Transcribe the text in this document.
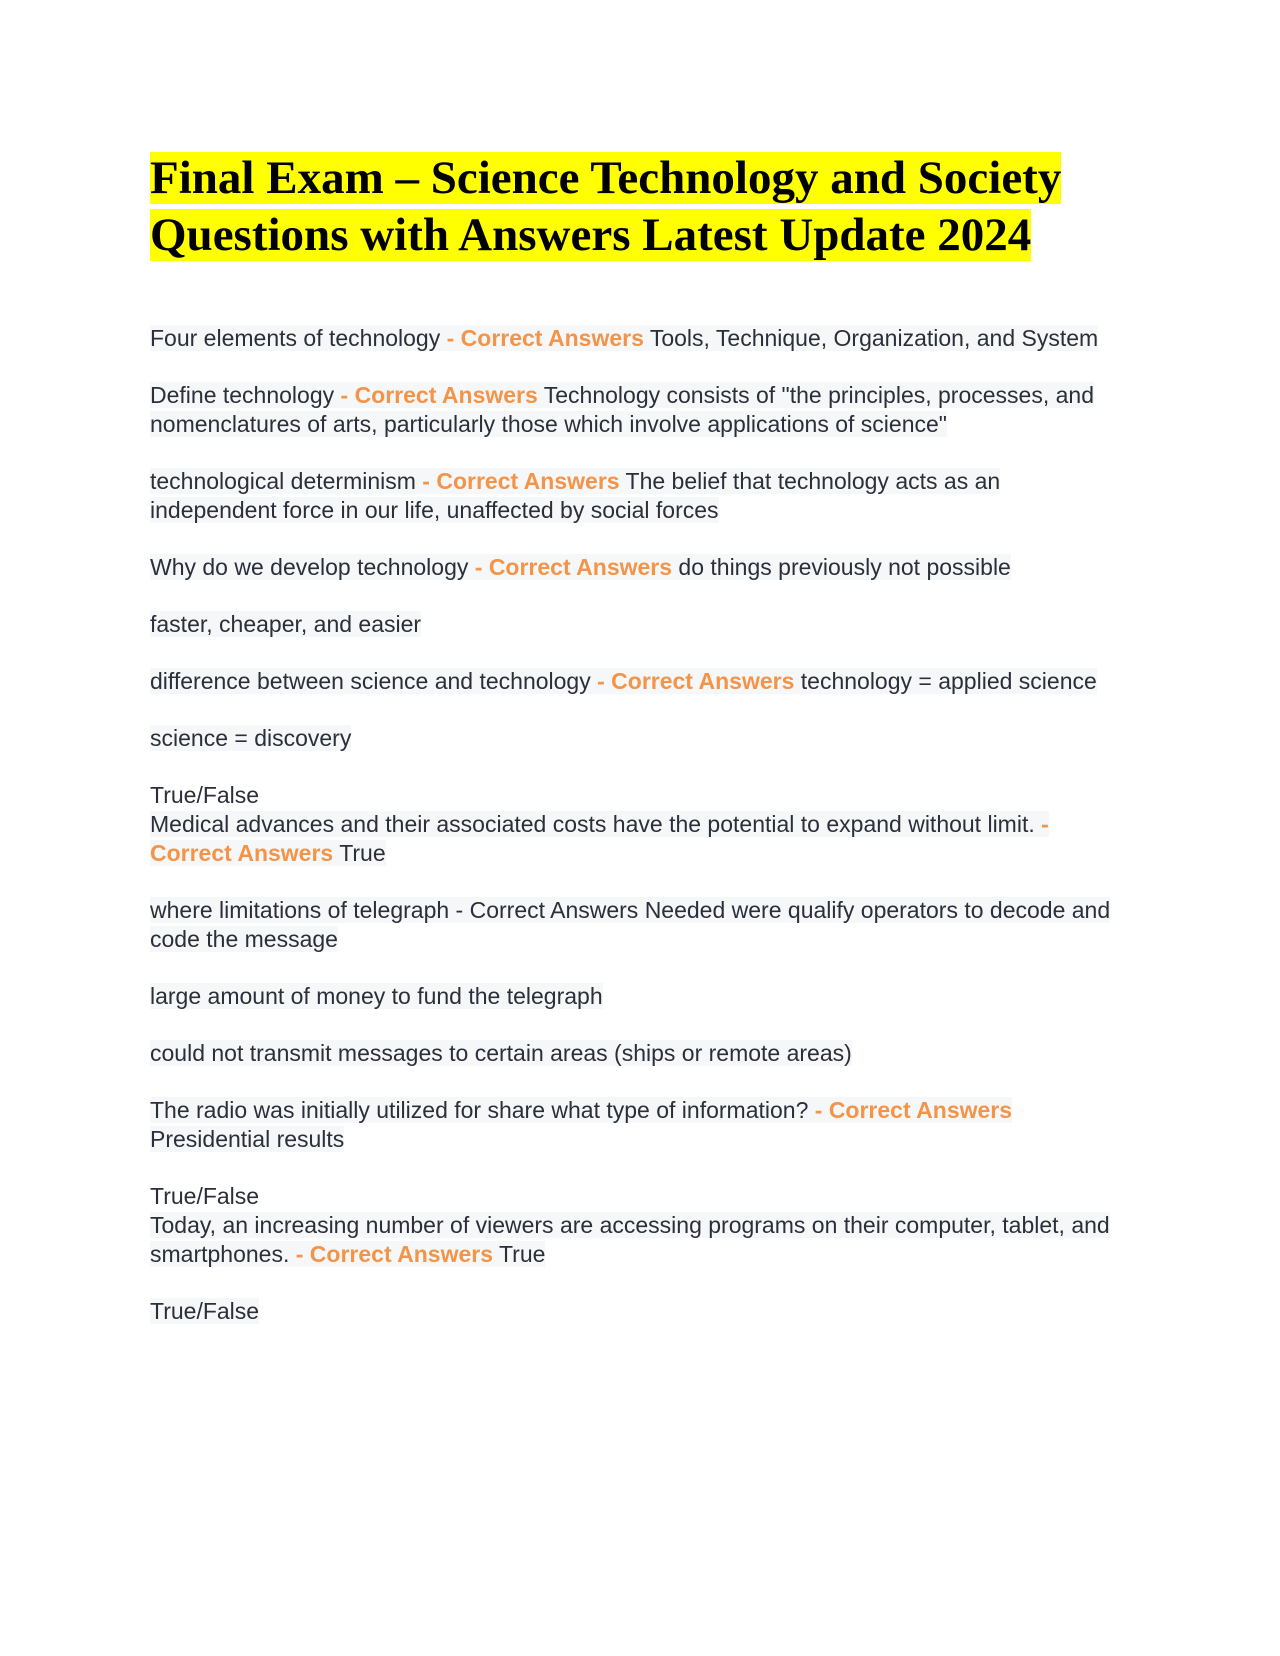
Final Exam – Science Technology and Society
Questions with Answers Latest Update 2024

Four elements of technology - Correct Answers Tools, Technique, Organization, and System

Define technology - Correct Answers Technology consists of "the principles, processes, and nomenclatures of arts, particularly those which involve applications of science"

technological determinism - Correct Answers The belief that technology acts as an independent force in our life, unaffected by social forces

Why do we develop technology - Correct Answers do things previously not possible

faster, cheaper, and easier

difference between science and technology - Correct Answers technology = applied science

science = discovery

True/False
Medical advances and their associated costs have the potential to expand without limit. - Correct Answers True

where limitations of telegraph - Correct Answers Needed were qualify operators to decode and code the message

large amount of money to fund the telegraph

could not transmit messages to certain areas (ships or remote areas)

The radio was initially utilized for share what type of information? - Correct Answers Presidential results

True/False
Today, an increasing number of viewers are accessing programs on their computer, tablet, and smartphones. - Correct Answers True

True/False
